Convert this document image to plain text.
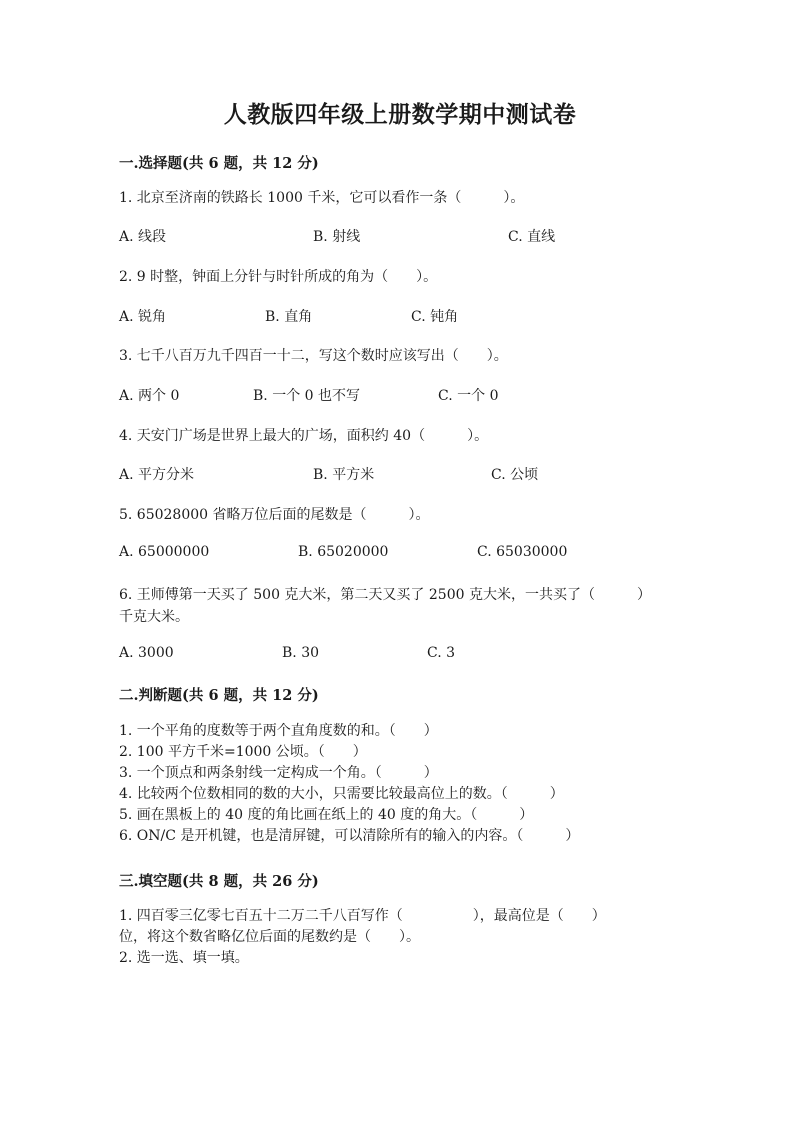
人教版四年级上册数学期中测试卷
一.选择题(共 6 题，共 12 分)
1. 北京至济南的铁路长 1000 千米，它可以看作一条（　　　）。
A. 线段	B. 射线	C. 直线
2. 9 时整，钟面上分针与时针所成的角为（　　）。
A. 锐角	B. 直角	C. 钝角
3. 七千八百万九千四百一十二，写这个数时应该写出（　　）。
A. 两个 0	B. 一个 0 也不写	C. 一个 0
4. 天安门广场是世界上最大的广场，面积约 40（　　　）。
A. 平方分米	B. 平方米	C. 公顷
5. 65028000 省略万位后面的尾数是（　　　）。
A. 65000000	B. 65020000	C. 65030000
6. 王师傅第一天买了 500 克大米，第二天又买了 2500 克大米，一共买了（　　　）千克大米。
A. 3000	B. 30	C. 3
二.判断题(共 6 题，共 12 分)
1. 一个平角的度数等于两个直角度数的和。（　　）
2. 100 平方千米=1000 公顷。（　　）
3. 一个顶点和两条射线一定构成一个角。（　　　）
4. 比较两个位数相同的数的大小，只需要比较最高位上的数。（　　　）
5. 画在黑板上的 40 度的角比画在纸上的 40 度的角大。（　　　）
6. ON/C 是开机键，也是清屏键，可以清除所有的输入的内容。（　　　）
三.填空题(共 8 题，共 26 分)
1. 四百零三亿零七百五十二万二千八百写作（　　　　　），最高位是（　　）
位，将这个数省略亿位后面的尾数约是（　　）。
2. 选一选、填一填。
